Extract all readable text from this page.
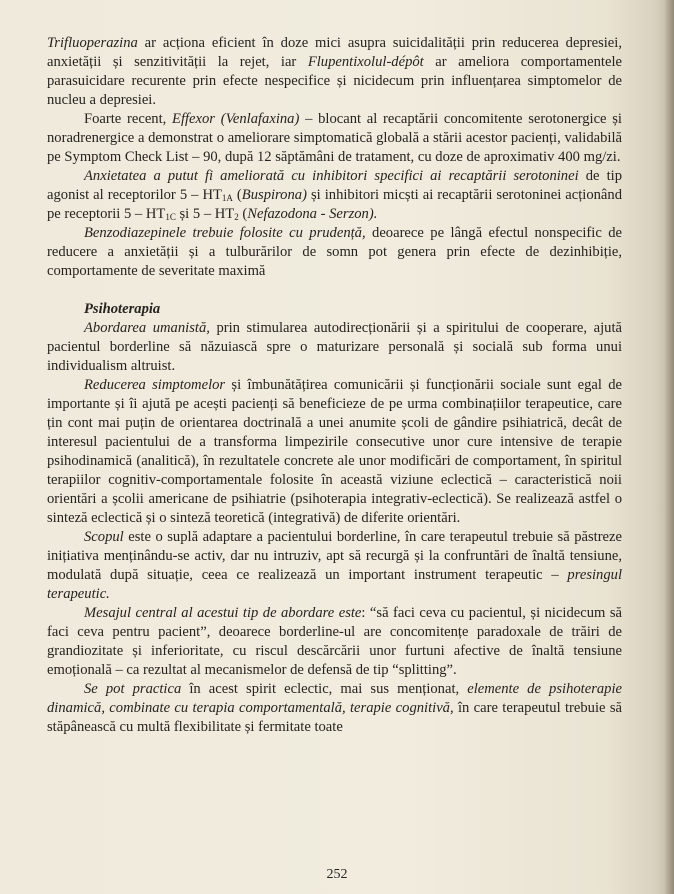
Trifluoperazina ar acționa eficient în doze mici asupra suicidalității prin reducerea depresiei, anxietății și senzitivității la rejet, iar Flupentixolul-dépôt ar ameliora comportamentele parasuicidare recurente prin efecte nespecifice și nicidecum prin influențarea simptomelor de nucleu a depresiei.

Foarte recent, Effexor (Venlafaxina) – blocant al recaptării concomitente serotonergice și noradrenergice a demonstrat o ameliorare simptomatică globală a stării acestor pacienți, validabilă pe Symptom Check List – 90, după 12 săptămâni de tratament, cu doze de aproximativ 400 mg/zi.

Anxietatea a putut fi ameliorată cu inhibitori specifici ai recaptării serotoninei de tip agonist al receptorilor $5 - HT_{1A}$ (Buspirona) și inhibitori micști ai recaptării serotoninei acționând pe receptorii $5 - HT_{1C}$ și $5 - HT_2$ (Nefazodona - Serzon).

Benzodiazepinele trebuie folosite cu prudență, deoarece pe lângă efectul nonspecific de reducere a anxietății și a tulburărilor de somn pot genera prin efecte de dezinhibiție, comportamente de severitate maximă

Psihoterapia

Abordarea umanistă, prin stimularea autodirecționării și a spiritului de cooperare, ajută pacientul borderline să năzuiască spre o maturizare personală și socială sub forma unui individualism altruist.

Reducerea simptomelor și îmbunătățirea comunicării și funcționării sociale sunt egal de importante și îi ajută pe acești pacienți să beneficieze de pe urma combinațiilor terapeutice, care țin cont mai puțin de orientarea doctrinală a unei anumite școli de gândire psihiatrică, decât de interesul pacientului de a transforma limpezirile consecutive unor cure intensive de terapie psihodinamică (analitică), în rezultatele concrete ale unor modificări de comportament, în spiritul terapiilor cognitiv-comportamentale folosite în această viziune eclectică – caracteristică noii orientări a școlii americane de psihiatrie (psihoterapia integrativ-eclectică). Se realizează astfel o sinteză eclectică și o sinteză teoretică (integrativă) de diferite orientări.

Scopul este o suplă adaptare a pacientului borderline, în care terapeutul trebuie să păstreze inițiativa menținându-se activ, dar nu intruziv, apt să recurgă și la confruntări de înaltă tensiune, modulată după situație, ceea ce realizează un important instrument terapeutic – presingul terapeutic.

Mesajul central al acestui tip de abordare este: “să faci ceva cu pacientul, și nicidecum să faci ceva pentru pacient”, deoarece borderline-ul are concomitențe paradoxale de trăiri de grandiozitate și inferioritate, cu riscul descărcării unor furtuni afective de înaltă tensiune emoțională – ca rezultat al mecanismelor de defensă de tip “splitting”.

Se pot practica în acest spirit eclectic, mai sus menționat, elemente de psihoterapie dinamică, combinate cu terapia comportamentală, terapie cognitivă, în care terapeutul trebuie să stăpânească cu multă flexibilitate și fermitate toate

252
